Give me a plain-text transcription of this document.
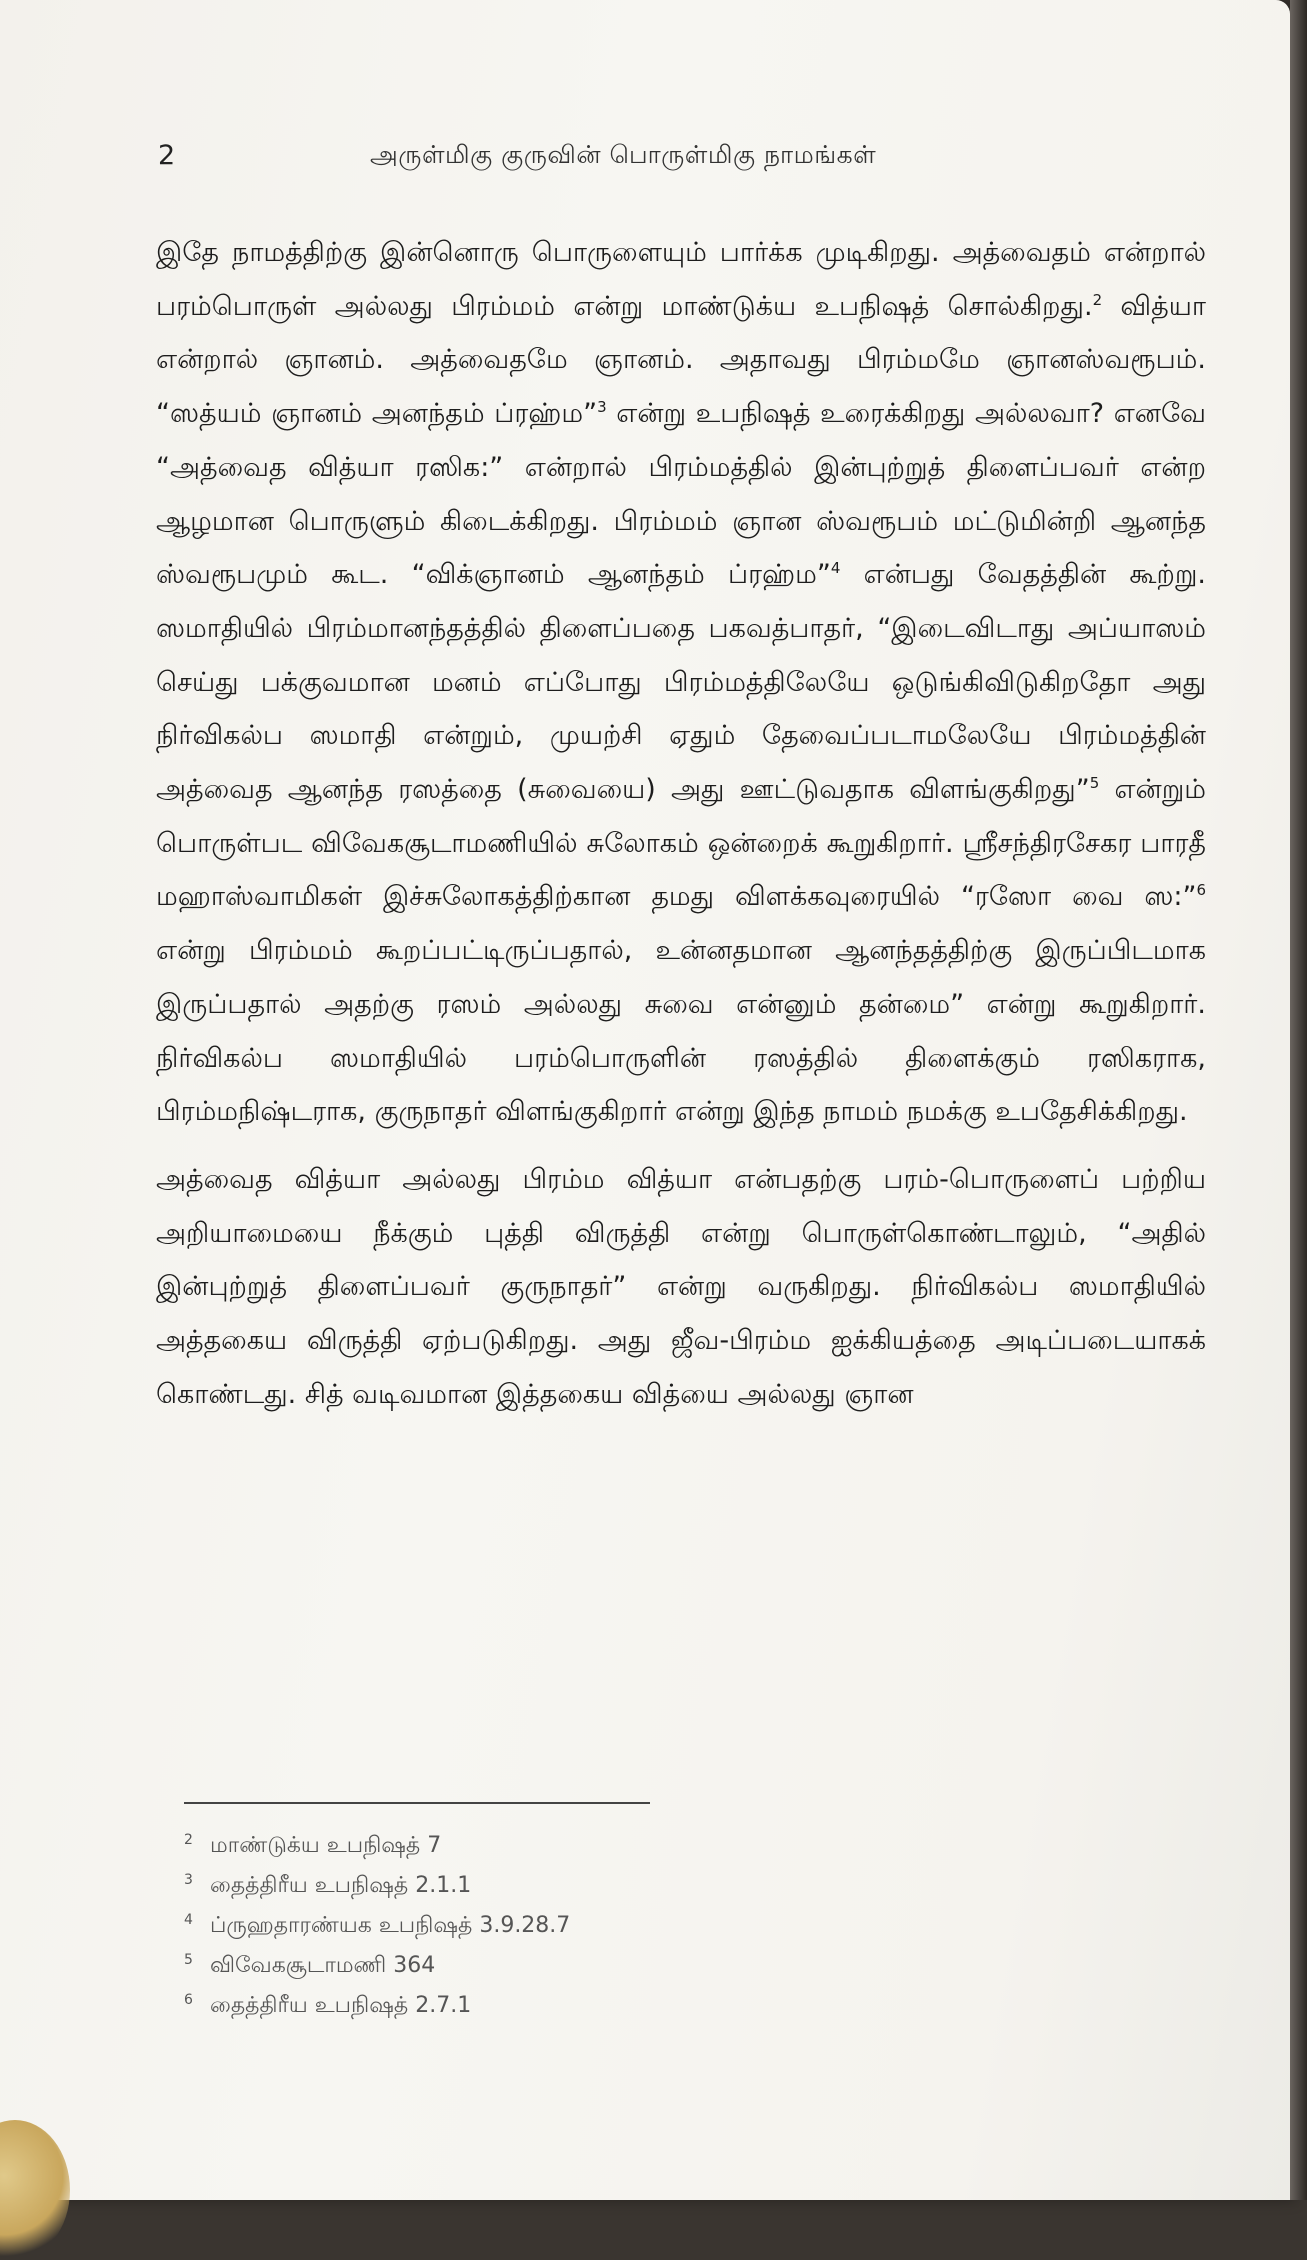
2	அருள்மிகு குருவின் பொருள்மிகு நாமங்கள்

இதே நாமத்திற்கு இன்னொரு பொருளையும் பார்க்க முடிகிறது. அத்வைதம் என்றால் பரம்பொருள் அல்லது பிரம்மம் என்று மாண்டுக்ய உபநிஷத் சொல்கிறது.$^2$ வித்யா என்றால் ஞானம். அத்வைதமே ஞானம். அதாவது பிரம்மமே ஞானஸ்வரூபம். “ஸத்யம் ஞானம் அனந்தம் ப்ரஹ்ம”$^3$ என்று உபநிஷத் உரைக்கிறது அல்லவா? எனவே “அத்வைத வித்யா ரஸிக:” என்றால் பிரம்மத்தில் இன்புற்றுத் திளைப்பவர் என்ற ஆழமான பொருளும் கிடைக்கிறது. பிரம்மம் ஞான ஸ்வரூபம் மட்டுமின்றி ஆனந்த ஸ்வரூபமும் கூட. “விக்ஞானம் ஆனந்தம் ப்ரஹ்ம”$^4$ என்பது வேதத்தின் கூற்று. ஸமாதியில் பிரம்மானந்தத்தில் திளைப்பதை பகவத்பாதர், “இடைவிடாது அப்யாஸம் செய்து பக்குவமான மனம் எப்போது பிரம்மத்திலேயே ஒடுங்கிவிடுகிறதோ அது நிர்விகல்ப ஸமாதி என்றும், முயற்சி ஏதும் தேவைப்படாமலேயே பிரம்மத்தின் அத்வைத ஆனந்த ரஸத்தை (சுவையை) அது ஊட்டுவதாக விளங்குகிறது”$^5$ என்றும் பொருள்பட விவேகசூடாமணியில் சுலோகம் ஒன்றைக் கூறுகிறார். ஸ்ரீசந்திரசேகர பாரதீ மஹாஸ்வாமிகள் இச்சுலோகத்திற்கான தமது விளக்கவுரையில் “ரஸோ வை ஸ:”$^6$ என்று பிரம்மம் கூறப்பட்டிருப்பதால், உன்னதமான ஆனந்தத்திற்கு இருப்பிடமாக இருப்பதால் அதற்கு ரஸம் அல்லது சுவை என்னும் தன்மை” என்று கூறுகிறார். நிர்விகல்ப ஸமாதியில் பரம்பொருளின் ரஸத்தில் திளைக்கும் ரஸிகராக, பிரம்மநிஷ்டராக, குருநாதர் விளங்குகிறார் என்று இந்த நாமம் நமக்கு உபதேசிக்கிறது.

அத்வைத வித்யா அல்லது பிரம்ம வித்யா என்பதற்கு பரம்-பொருளைப் பற்றிய அறியாமையை நீக்கும் புத்தி விருத்தி என்று பொருள்கொண்டாலும், “அதில் இன்புற்றுத் திளைப்பவர் குருநாதர்” என்று வருகிறது. நிர்விகல்ப ஸமாதியில் அத்தகைய விருத்தி ஏற்படுகிறது. அது ஜீவ-பிரம்ம ஐக்கியத்தை அடிப்படையாகக் கொண்டது. சித் வடிவமான இத்தகைய வித்யை அல்லது ஞான

2 மாண்டுக்ய உபநிஷத் 7
3 தைத்திரீய உபநிஷத் 2.1.1
4 ப்ருஹதாரண்யக உபநிஷத் 3.9.28.7
5 விவேகசூடாமணி 364
6 தைத்திரீய உபநிஷத் 2.7.1
